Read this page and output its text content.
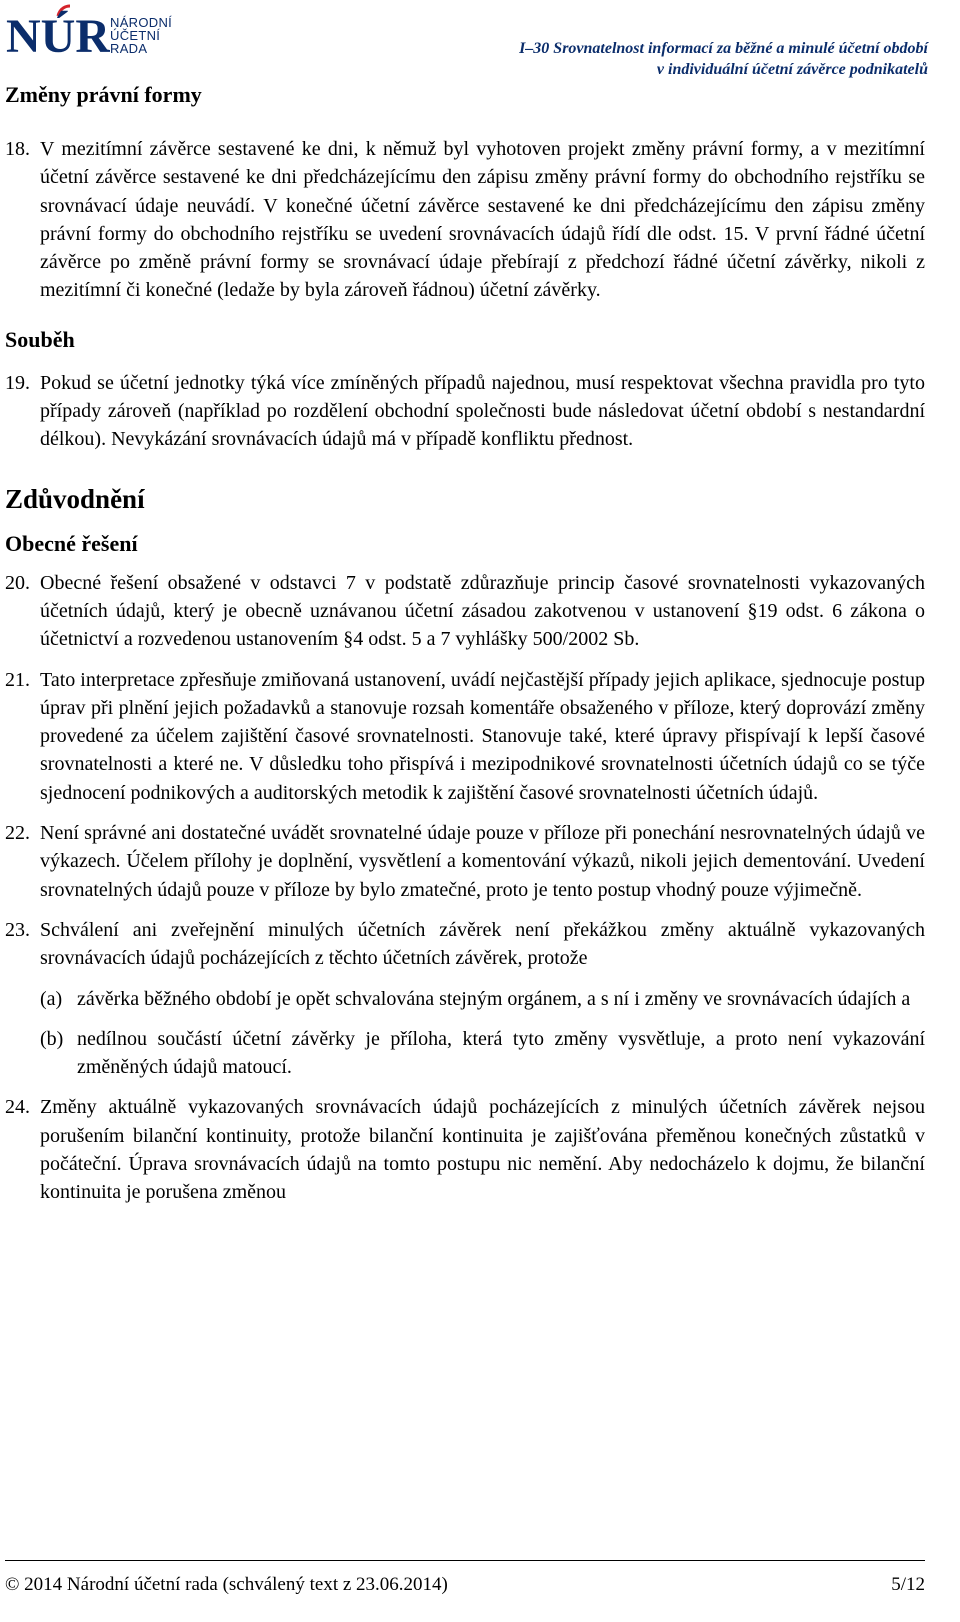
NÚR NÁRODNÍ
ÚČETNÍ
RADA	I–30 Srovnatelnost informací za běžné a minulé účetní období
v individuální účetní závěrce podnikatelů
Změny právní formy
18. V mezitímní závěrce sestavené ke dni, k němuž byl vyhotoven projekt změny právní formy, a v mezitímní účetní závěrce sestavené ke dni předcházejícímu den zápisu změny právní formy do obchodního rejstříku se srovnávací údaje neuvádí. V konečné účetní závěrce sestavené ke dni předcházejícímu den zápisu změny právní formy do obchodního rejstříku se uvedení srovnávacích údajů řídí dle odst. 15. V první řádné účetní závěrce po změně právní formy se srovnávací údaje přebírají z předchozí řádné účetní závěrky, nikoli z mezitímní či konečné (ledaže by byla zároveň řádnou) účetní závěrky.
Souběh
19. Pokud se účetní jednotky týká více zmíněných případů najednou, musí respektovat všechna pravidla pro tyto případy zároveň (například po rozdělení obchodní společnosti bude následovat účetní období s nestandardní délkou). Nevykázání srovnávacích údajů má v případě konfliktu přednost.
Zdůvodnění
Obecné řešení
20. Obecné řešení obsažené v odstavci 7 v podstatě zdůrazňuje princip časové srovnatelnosti vykazovaných účetních údajů, který je obecně uznávanou účetní zásadou zakotvenou v ustanovení §19 odst. 6 zákona o účetnictví a rozvedenou ustanovením §4 odst. 5 a 7 vyhlášky 500/2002 Sb.
21. Tato interpretace zpřesňuje zmiňovaná ustanovení, uvádí nejčastější případy jejich aplikace, sjednocuje postup úprav při plnění jejich požadavků a stanovuje rozsah komentáře obsaženého v příloze, který doprovází změny provedené za účelem zajištění časové srovnatelnosti. Stanovuje také, které úpravy přispívají k lepší časové srovnatelnosti a které ne. V důsledku toho přispívá i mezipodnikové srovnatelnosti účetních údajů co se týče sjednocení podnikových a auditorských metodik k zajištění časové srovnatelnosti účetních údajů.
22. Není správné ani dostatečné uvádět srovnatelné údaje pouze v příloze při ponechání nesrovnatelných údajů ve výkazech. Účelem přílohy je doplnění, vysvětlení a komentování výkazů, nikoli jejich dementování. Uvedení srovnatelných údajů pouze v příloze by bylo zmatečné, proto je tento postup vhodný pouze výjimečně.
23. Schválení ani zveřejnění minulých účetních závěrek není překážkou změny aktuálně vykazovaných srovnávacích údajů pocházejících z těchto účetních závěrek, protože
(a) závěrka běžného období je opět schvalována stejným orgánem, a s ní i změny ve srovnávacích údajích a
(b) nedílnou součástí účetní závěrky je příloha, která tyto změny vysvětluje, a proto není vykazování změněných údajů matoucí.
24. Změny aktuálně vykazovaných srovnávacích údajů pocházejících z minulých účetních závěrek nejsou porušením bilanční kontinuity, protože bilanční kontinuita je zajišťována přeměnou konečných zůstatků v počáteční. Úprava srovnávacích údajů na tomto postupu nic nemění. Aby nedocházelo k dojmu, že bilanční kontinuita je porušena změnou
© 2014 Národní účetní rada (schválený text z 23.06.2014)	5/12
